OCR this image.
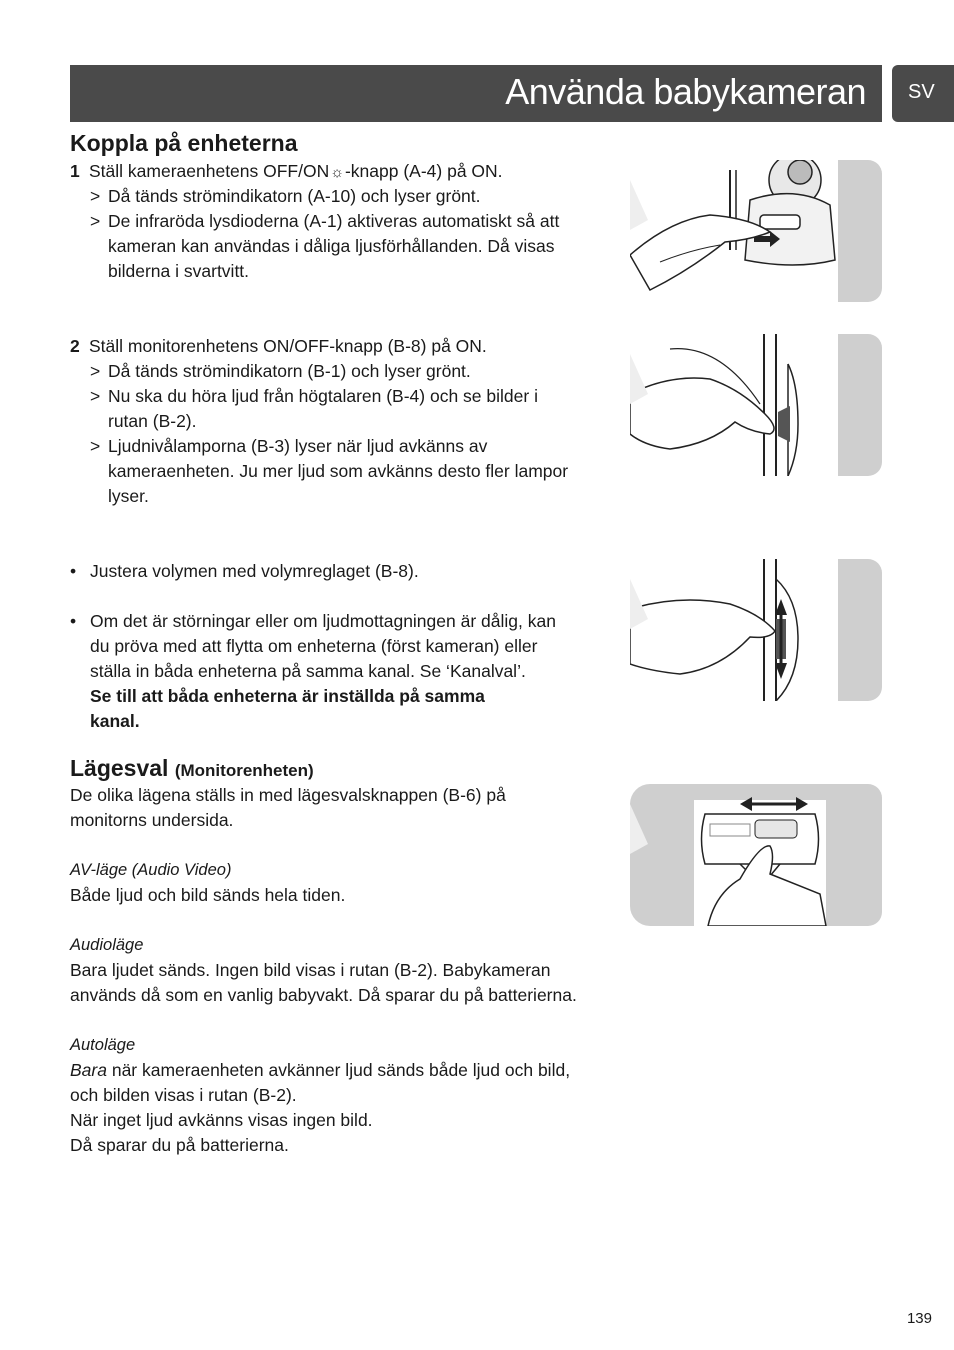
Använda babykameran SV
Koppla på enheterna
1 Ställ kameraenhetens OFF/ON☼-knapp (A-4) på ON.
> Då tänds strömindikatorn (A-10) och lyser grönt.
> De infraröda lysdioderna (A-1) aktiveras automatiskt så att
kameran kan användas i dåliga ljusförhållanden. Då visas
bilderna i svartvitt.
2 Ställ monitorenhetens ON/OFF-knapp (B-8) på ON.
> Då tänds strömindikatorn (B-1) och lyser grönt.
> Nu ska du höra ljud från högtalaren (B-4) och se bilder i
rutan (B-2).
> Ljudnivålamporna (B-3) lyser när ljud avkänns av
kameraenheten. Ju mer ljud som avkänns desto fler lampor
lyser.
• Justera volymen med volymreglaget (B-8).
• Om det är störningar eller om ljudmottagningen är dålig, kan
du pröva med att flytta om enheterna (först kameran) eller
ställa in båda enheterna på samma kanal. Se ‘Kanalval’.
Se till att båda enheterna är inställda på samma
kanal.
Lägesval (Monitorenheten)
De olika lägena ställs in med lägesvalsknappen (B-6) på
monitorns undersida.
AV-läge (Audio Video)
Både ljud och bild sänds hela tiden.
Audioläge
Bara ljudet sänds. Ingen bild visas i rutan (B-2). Babykameran
används då som en vanlig babyvakt. Då sparar du på batterierna.
Autoläge
Bara när kameraenheten avkänner ljud sänds både ljud och bild,
och bilden visas i rutan (B-2).
När inget ljud avkänns visas ingen bild.
Då sparar du på batterierna.
139
